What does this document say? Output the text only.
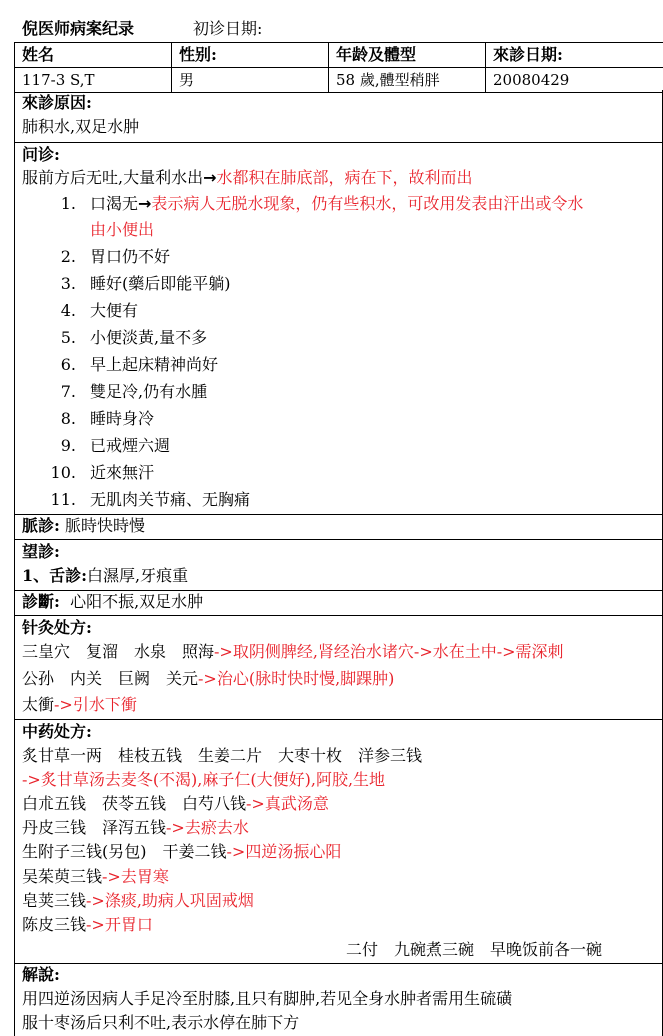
倪医师病案纪录	初诊日期:
姓名	性别:	年龄及體型	來診日期:
117-3 S,T	男	58 歲,體型稍胖	20080429
來診原因:
肺积水,双足水肿
问诊:
服前方后无吐,大量利水出→水都积在肺底部，病在下，故利而出
1. 口渴无→表示病人无脱水现象，仍有些积水，可改用发表由汗出或令水
由小便出
2. 胃口仍不好
3. 睡好(藥后即能平躺)
4. 大便有
5. 小便淡黃,量不多
6. 早上起床精神尚好
7. 雙足冷,仍有水腫
8. 睡時身冷
9. 已戒煙六週
10. 近來無汗
11. 无肌肉关节痛、无胸痛
脈診: 脈時快時慢
望診:
1、舌診:白濕厚,牙痕重
診斷: 心阳不振,双足水肿
针灸处方:
三皇穴　复溜　水泉　照海->取阴侧脾经,肾经治水诸穴->水在土中->需深刺
公孙　内关　巨阙　关元->治心(脉时快时慢,脚踝肿)
太衝->引水下衝
中药处方:
炙甘草一两　桂枝五钱　生姜二片　大枣十枚　洋参三钱
->炙甘草汤去麦冬(不渴),麻子仁(大便好),阿胶,生地
白朮五钱　茯苓五钱　白芍八钱->真武汤意
丹皮三钱　泽泻五钱->去瘀去水
生附子三钱(另包)　干姜二钱->四逆汤振心阳
吴茱萸三钱->去胃寒
皂荚三钱->涤痰,助病人巩固戒烟
陈皮三钱->开胃口
二付　九碗煮三碗　早晚饭前各一碗
解說:
用四逆汤因病人手足冷至肘膝,且只有脚肿,若见全身水肿者需用生硫磺
服十枣汤后只利不吐,表示水停在肺下方
